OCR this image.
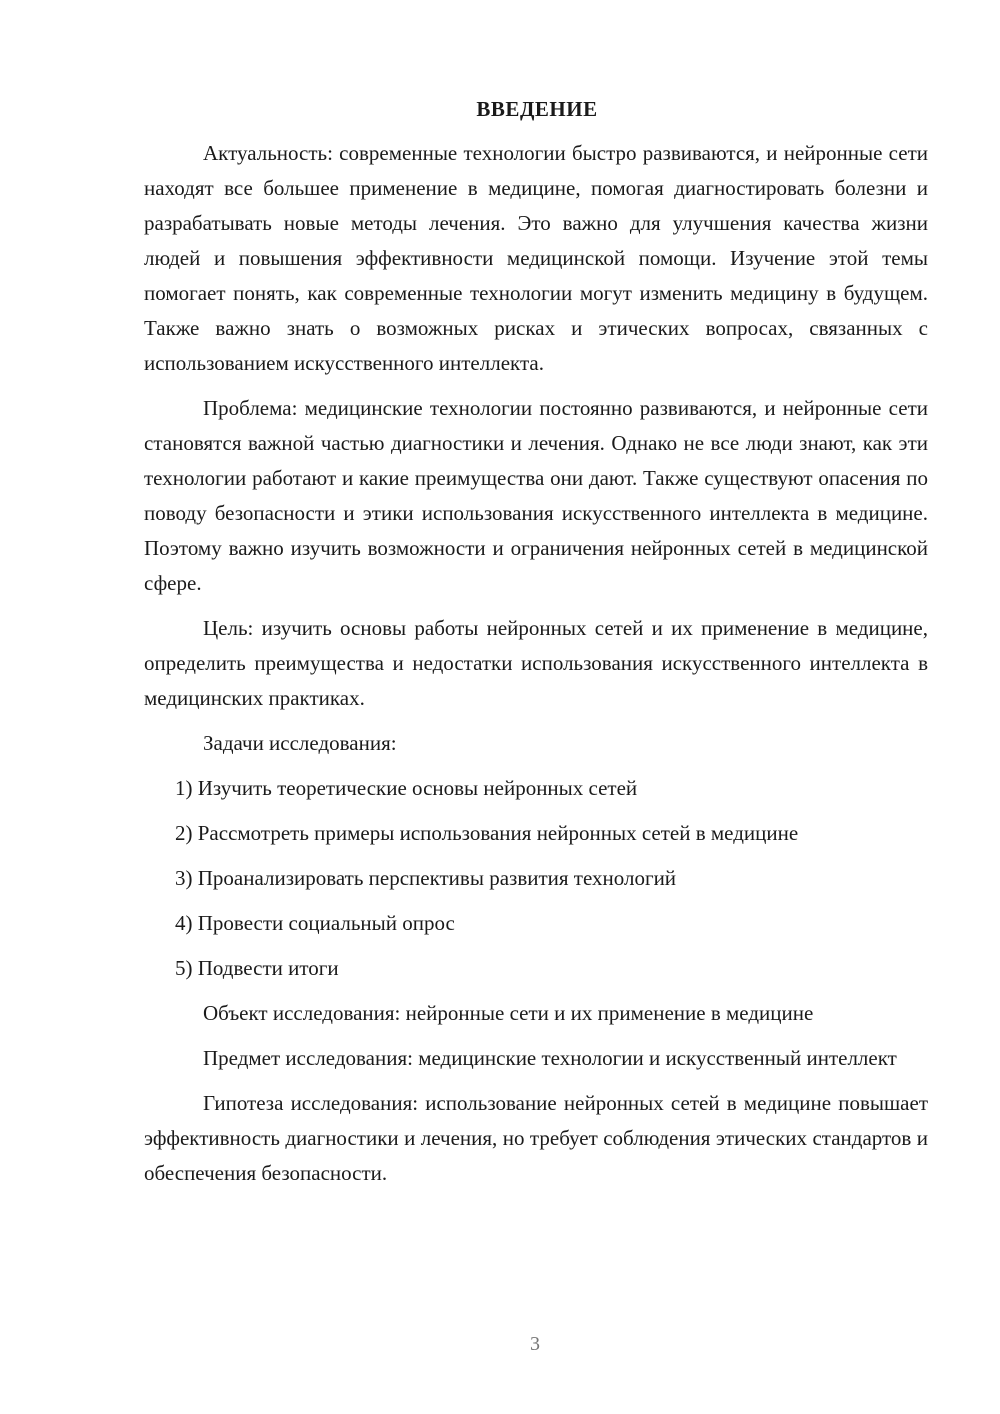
ВВЕДЕНИЕ

Актуальность: современные технологии быстро развиваются, и нейронные сети находят все большее применение в медицине, помогая диагностировать болезни и разрабатывать новые методы лечения. Это важно для улучшения качества жизни людей и повышения эффективности медицинской помощи. Изучение этой темы помогает понять, как современные технологии могут изменить медицину в будущем. Также важно знать о возможных рисках и этических вопросах, связанных с использованием искусственного интеллекта.

Проблема: медицинские технологии постоянно развиваются, и нейронные сети становятся важной частью диагностики и лечения. Однако не все люди знают, как эти технологии работают и какие преимущества они дают. Также существуют опасения по поводу безопасности и этики использования искусственного интеллекта в медицине. Поэтому важно изучить возможности и ограничения нейронных сетей в медицинской сфере.

Цель: изучить основы работы нейронных сетей и их применение в медицине, определить преимущества и недостатки использования искусственного интеллекта в медицинских практиках.

Задачи исследования:

1) Изучить теоретические основы нейронных сетей
2) Рассмотреть примеры использования нейронных сетей в медицине
3) Проанализировать перспективы развития технологий
4) Провести социальный опрос
5) Подвести итоги

Объект исследования: нейронные сети и их применение в медицине

Предмет исследования: медицинские технологии и искусственный интеллект

Гипотеза исследования: использование нейронных сетей в медицине повышает эффективность диагностики и лечения, но требует соблюдения этических стандартов и обеспечения безопасности.

3
